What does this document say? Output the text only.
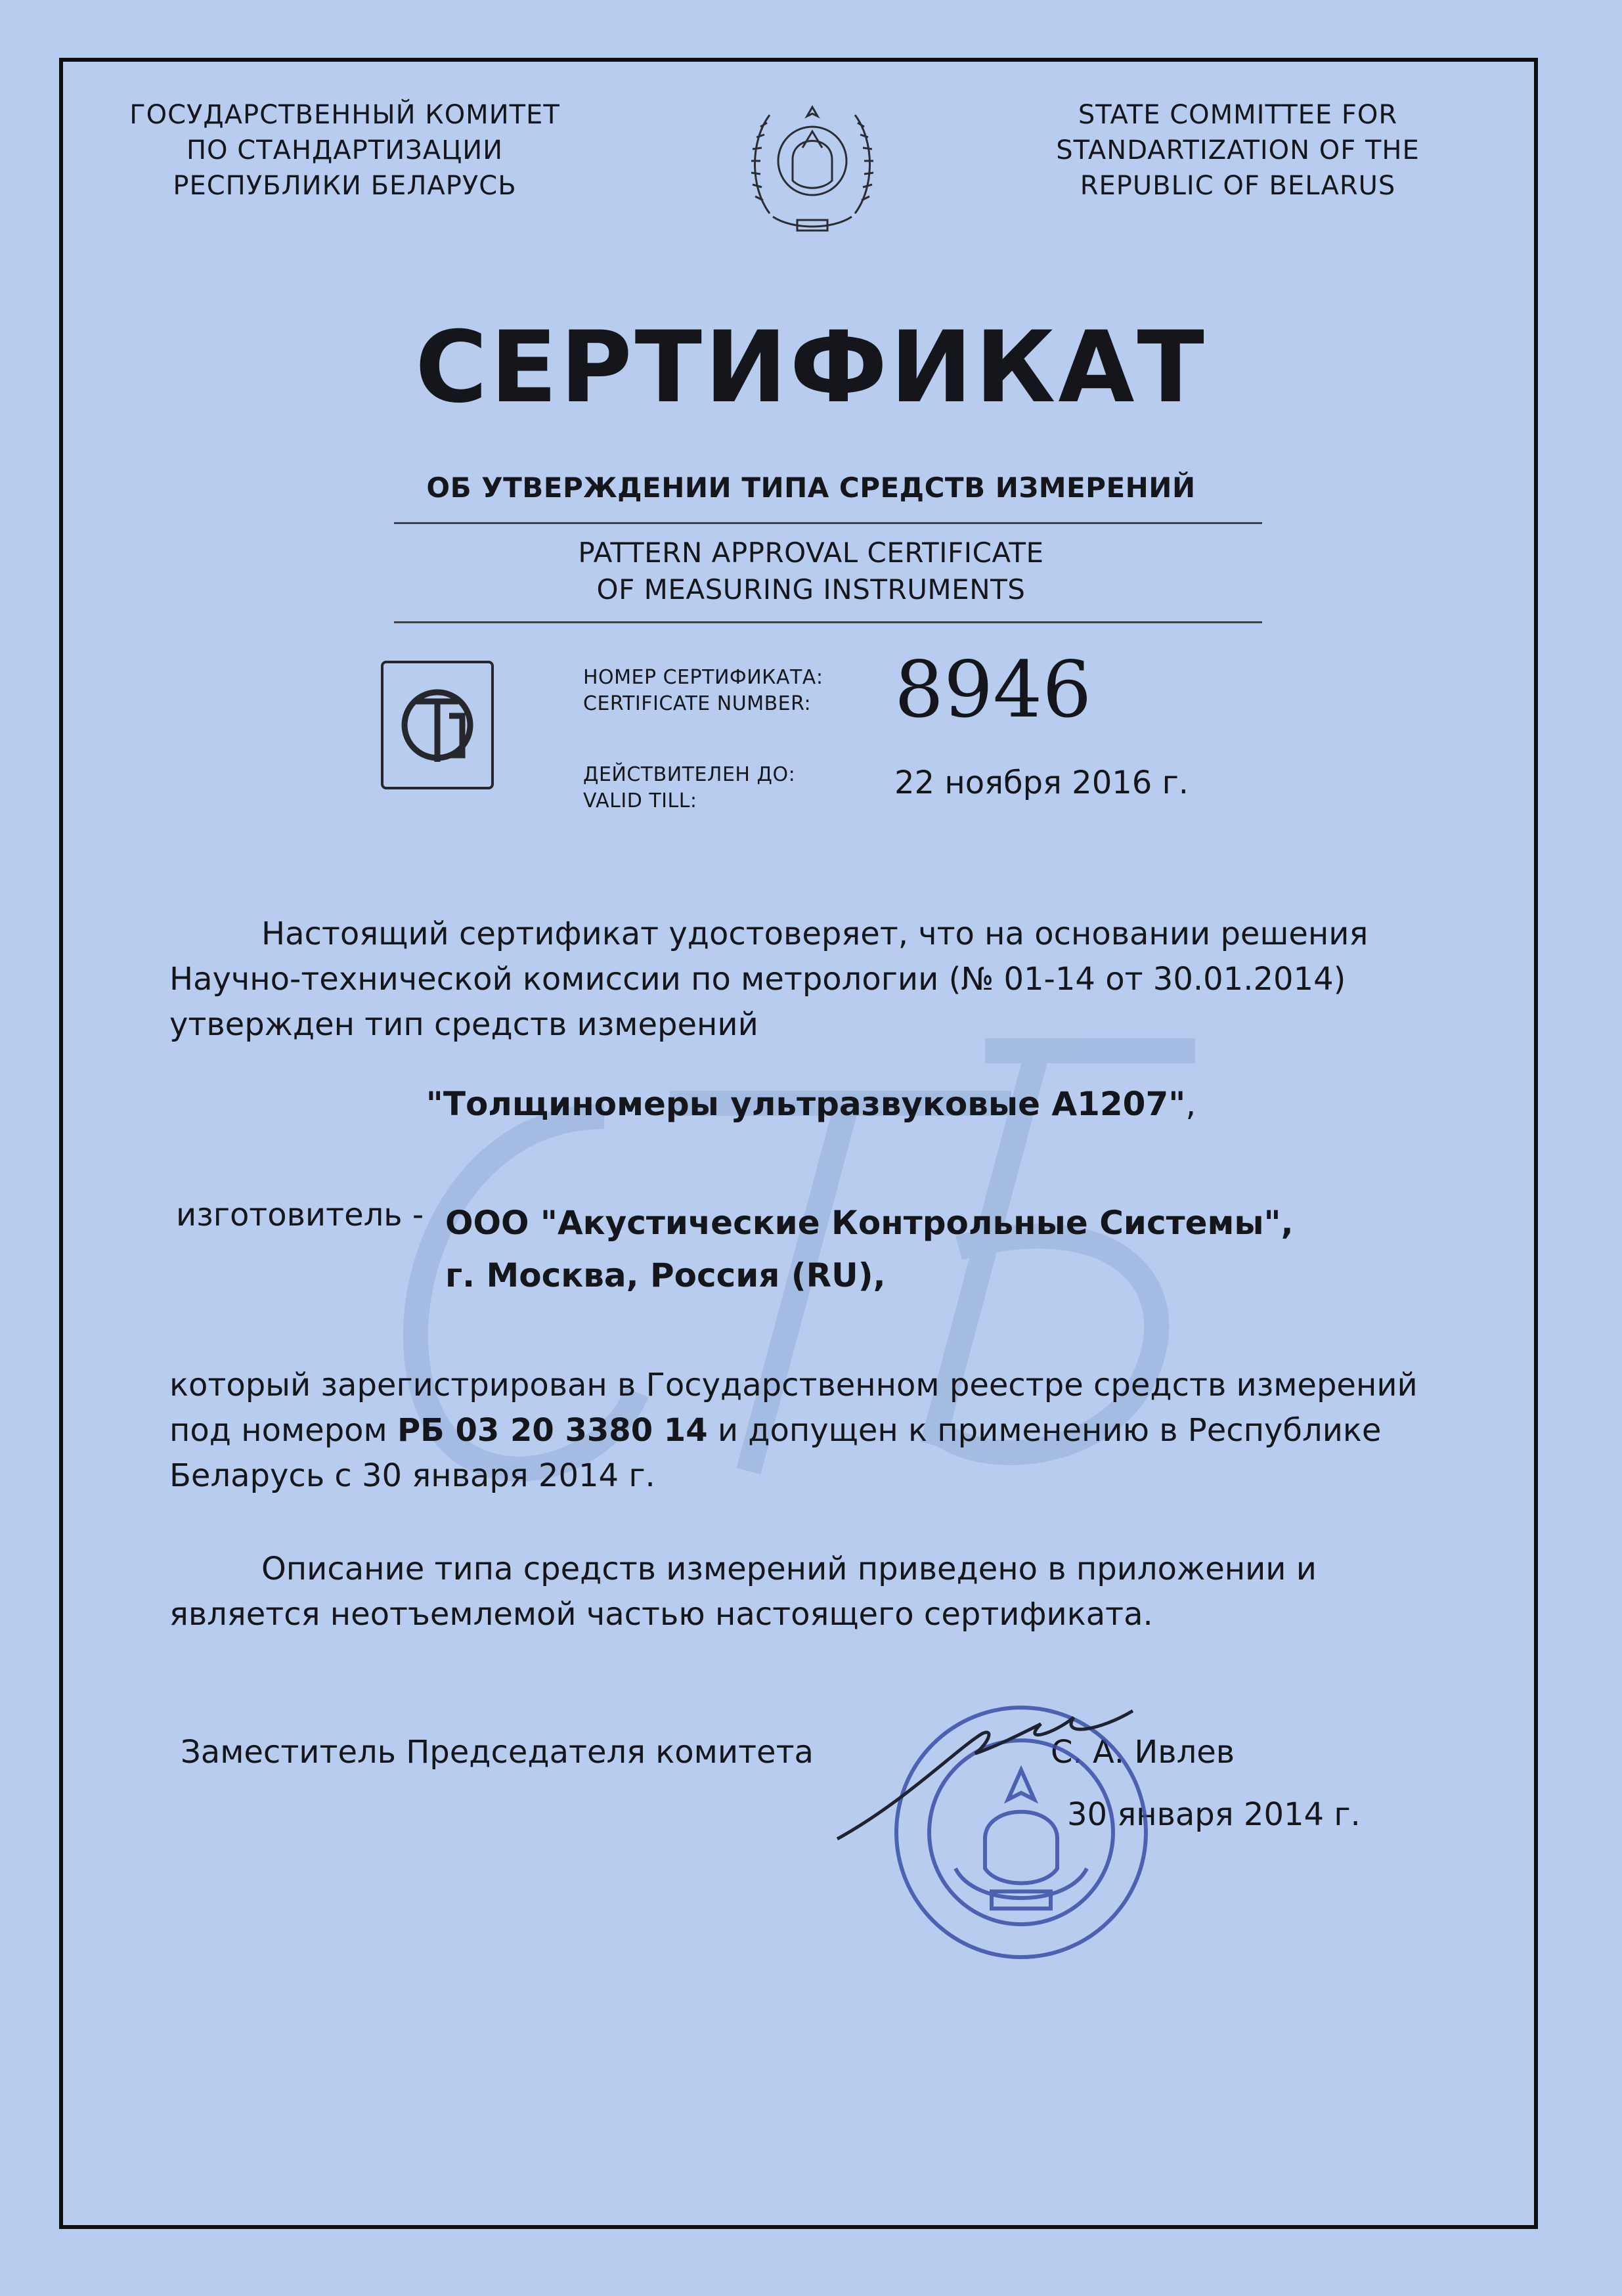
ГОСУДАРСТВЕННЫЙ КОМИТЕТ
ПО СТАНДАРТИЗАЦИИ
РЕСПУБЛИКИ БЕЛАРУСЬ
STATE COMMITTEE FOR
STANDARTIZATION OF THE
REPUBLIC OF BELARUS
СЕРТИФИКАТ
ОБ УТВЕРЖДЕНИИ ТИПА СРЕДСТВ ИЗМЕРЕНИЙ
PATTERN APPROVAL CERTIFICATE
OF MEASURING INSTRUMENTS
НОМЕР СЕРТИФИКАТА:
CERTIFICATE NUMBER: 8946
ДЕЙСТВИТЕЛЕН ДО:
VALID TILL:	22 ноября 2016 г.
Настоящий сертификат удостоверяет, что на основании решения
Научно-технической комиссии по метрологии (№ 01-14 от 30.01.2014)
утвержден тип средств измерений
"Толщиномеры ультразвуковые А1207",
изготовитель - ООО "Акустические Контрольные Системы",
г. Москва, Россия (RU),
который зарегистрирован в Государственном реестре средств измерений
под номером РБ 03 20 3380 14 и допущен к применению в Республике
Беларусь с 30 января 2014 г.
Описание типа средств измерений приведено в приложении и
является неотъемлемой частью настоящего сертификата.
Заместитель Председателя комитета	С. А. Ивлев
30 января 2014 г.
